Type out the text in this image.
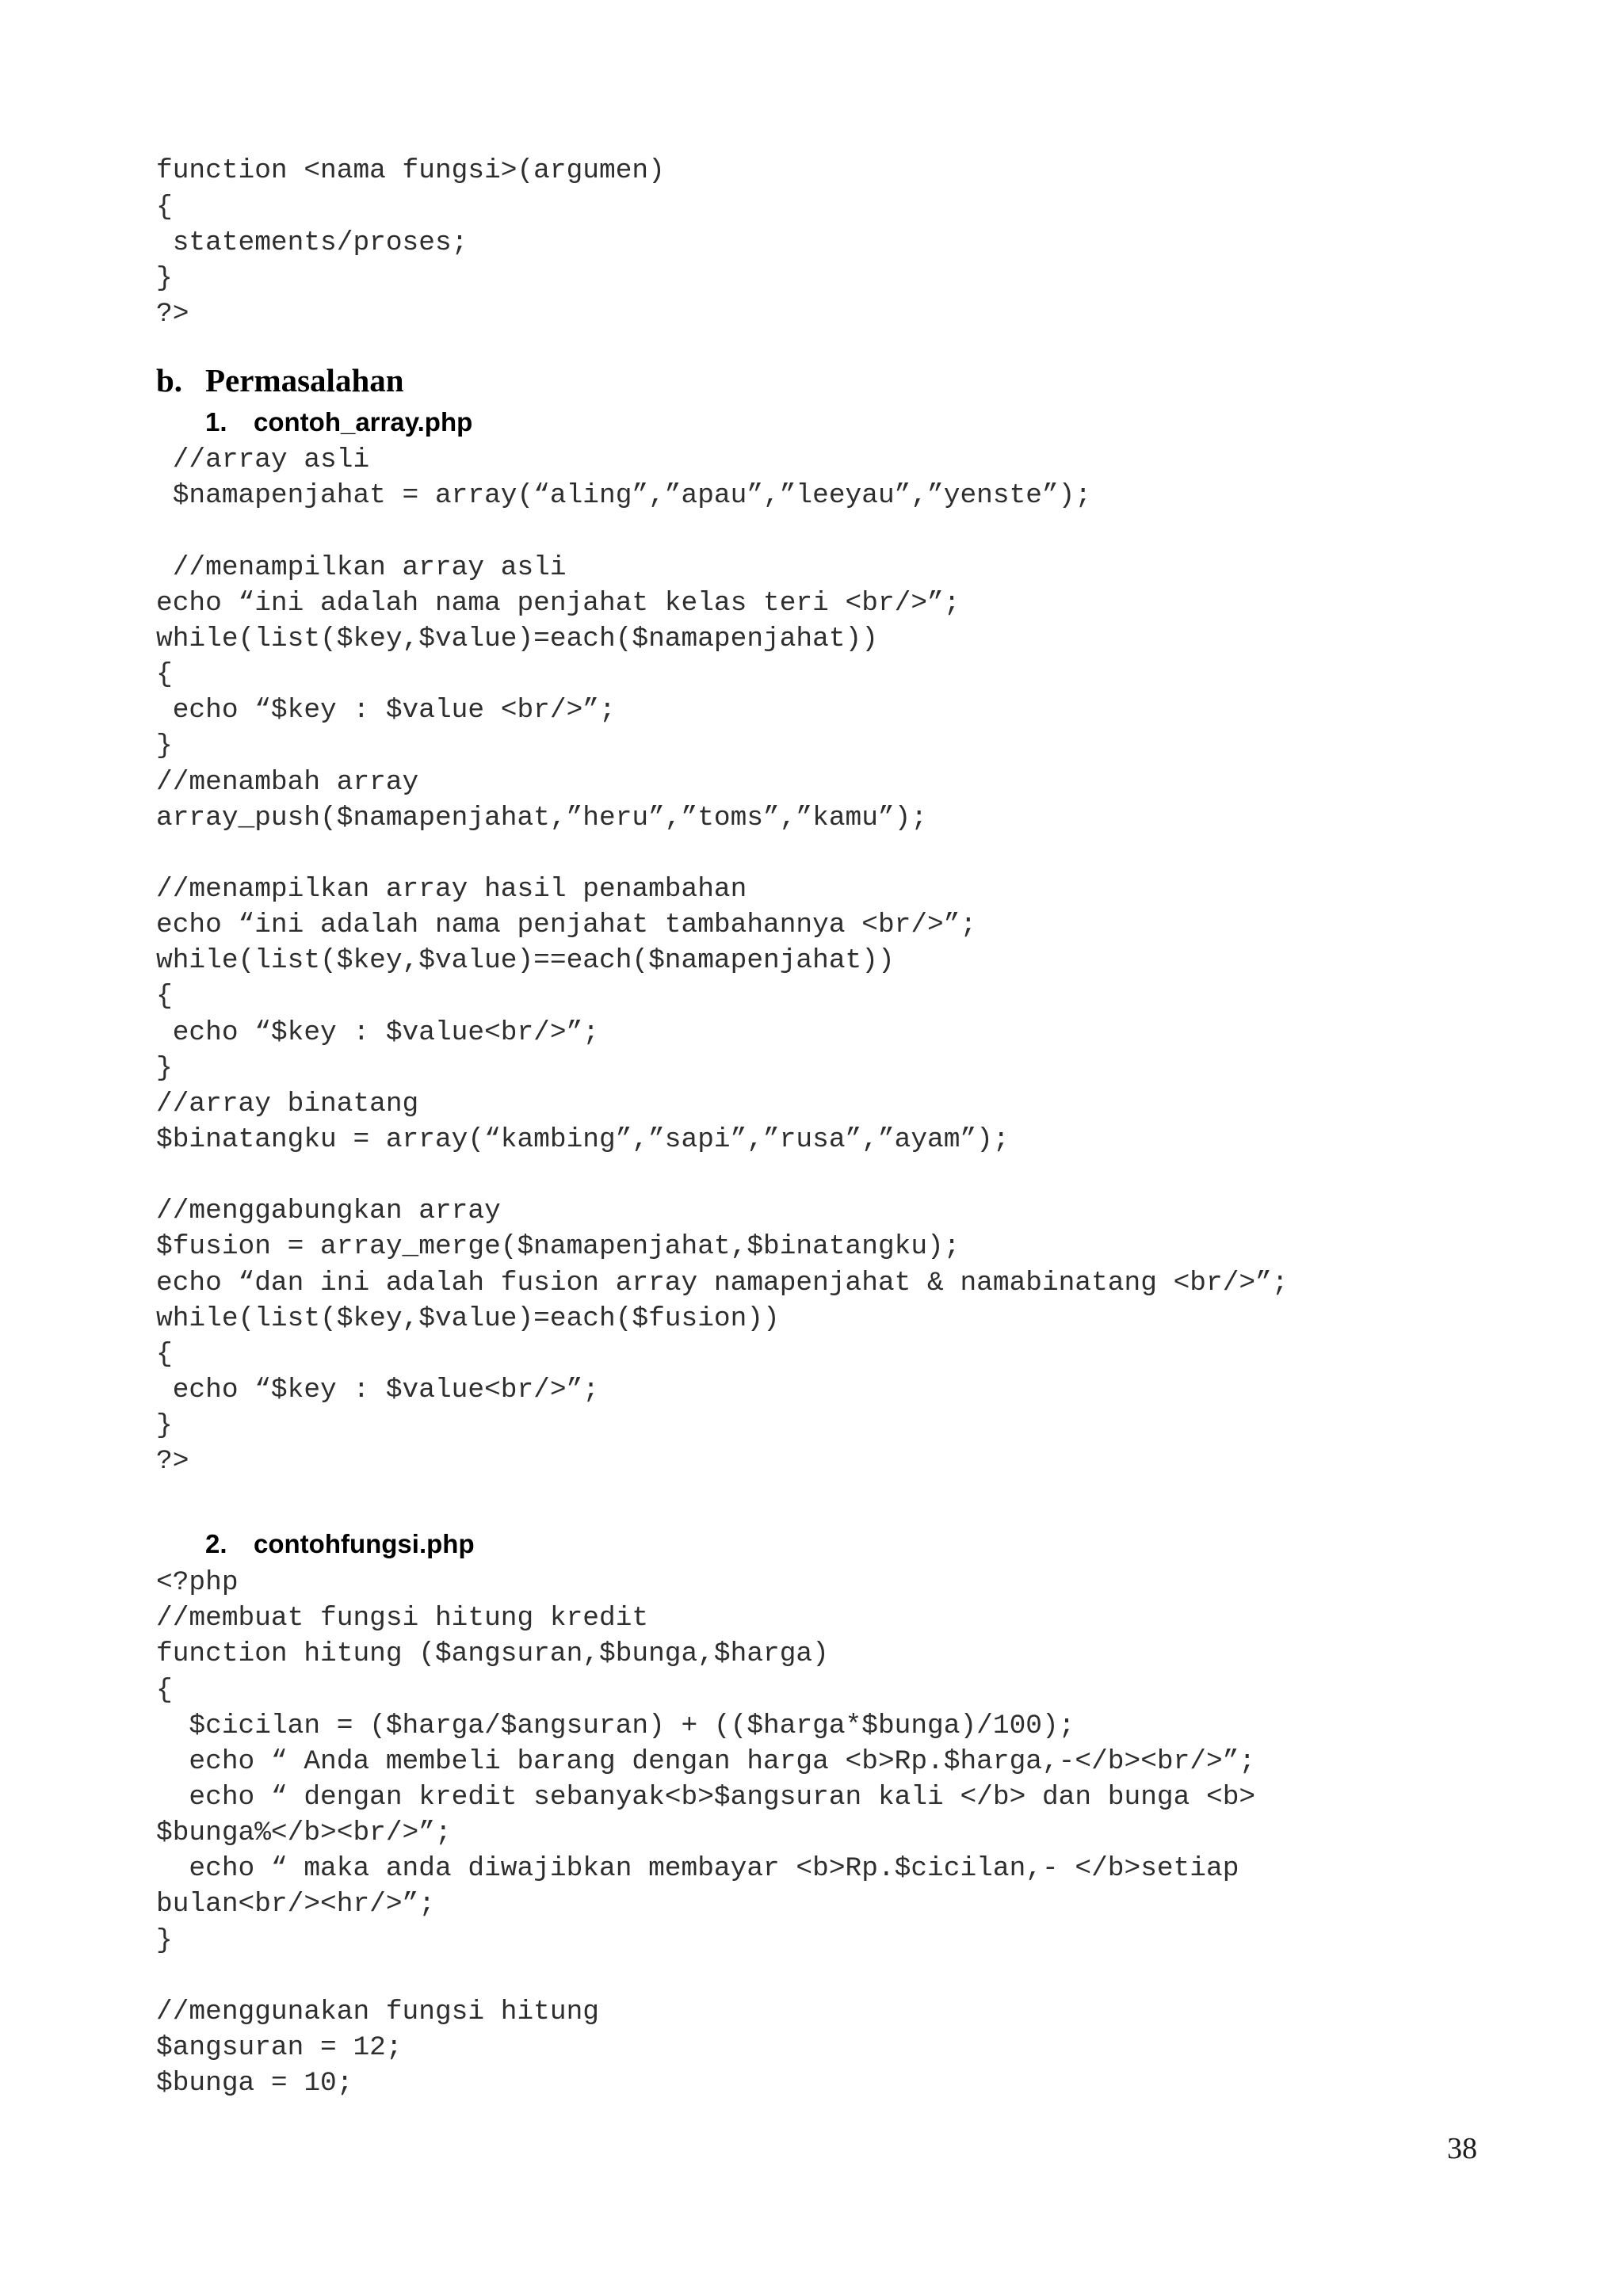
function <nama fungsi>(argumen)
{
statements/proses;
}
?>
b. Permasalahan
1. contoh_array.php
//array asli
$namapenjahat = array(“aling”,”apau”,”leeyau”,”yenste”);
//menampilkan array asli
echo “ini adalah nama penjahat kelas teri <br/>”;
while(list($key,$value)=each($namapenjahat))
{
echo “$key : $value <br/>”;
}
//menambah array
array_push($namapenjahat,”heru”,”toms”,”kamu”);
//menampilkan array hasil penambahan
echo “ini adalah nama penjahat tambahannya <br/>”;
while(list($key,$value)==each($namapenjahat))
{
echo “$key : $value<br/>”;
}
//array binatang
$binatangku = array(“kambing”,”sapi”,”rusa”,”ayam”);
//menggabungkan array
$fusion = array_merge($namapenjahat,$binatangku);
echo “dan ini adalah fusion array namapenjahat & namabinatang <br/>”;
while(list($key,$value)=each($fusion))
{
echo “$key : $value<br/>”;
}
?>
2. contohfungsi.php
<?php
//membuat fungsi hitung kredit
function hitung ($angsuran,$bunga,$harga)
{
$cicilan = ($harga/$angsuran) + (($harga*$bunga)/100);
echo “ Anda membeli barang dengan harga <b>Rp.$harga,-</b><br/>”;
echo “ dengan kredit sebanyak<b>$angsuran kali </b> dan bunga <b>
$bunga%</b><br/>”;
echo “ maka anda diwajibkan membayar <b>Rp.$cicilan,- </b>setiap
bulan<br/><hr/>”;
}
//menggunakan fungsi hitung
$angsuran = 12;
$bunga = 10;
38
